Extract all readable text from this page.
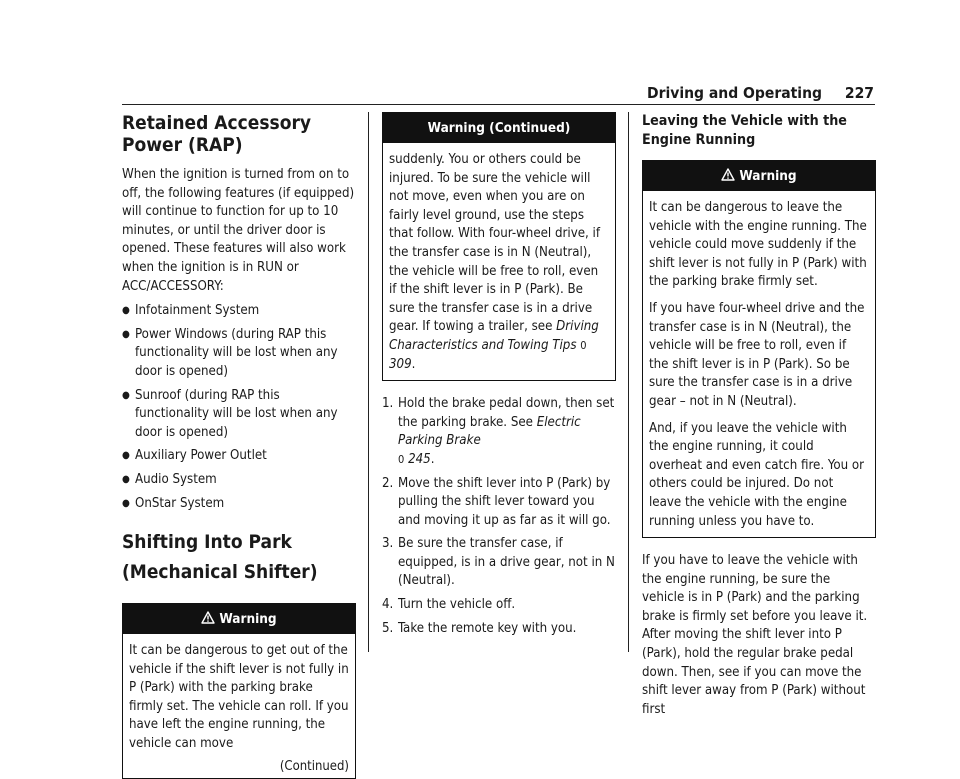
Driving and Operating 227
Retained Accessory Power (RAP)

When the ignition is turned from on to off, the following features (if equipped) will continue to function for up to 10 minutes, or until the driver door is opened. These features will also work when the ignition is in RUN or ACC/ACCESSORY:

● Infotainment System
● Power Windows (during RAP this functionality will be lost when any door is opened)
● Sunroof (during RAP this functionality will be lost when any door is opened)
● Auxiliary Power Outlet
● Audio System
● OnStar System
Shifting Into Park (Mechanical Shifter)
Warning

It can be dangerous to get out of the vehicle if the shift lever is not fully in P (Park) with the parking brake firmly set. The vehicle can roll. If you have left the engine running, the vehicle can move

(Continued)
Warning (Continued)

suddenly. You or others could be injured. To be sure the vehicle will not move, even when you are on fairly level ground, use the steps that follow. With four-wheel drive, if the transfer case is in N (Neutral), the vehicle will be free to roll, even if the shift lever is in P (Park). Be sure the transfer case is in a drive gear. If towing a trailer, see Driving Characteristics and Towing Tips 0 309.

1. Hold the brake pedal down, then set the parking brake. See Electric Parking Brake
0 245.
2. Move the shift lever into P (Park) by pulling the shift lever toward you and moving it up as far as it will go.
3. Be sure the transfer case, if equipped, is in a drive gear, not in N (Neutral).
4. Turn the vehicle off.
5. Take the remote key with you.
Leaving the Vehicle with the Engine Running
Warning

It can be dangerous to leave the vehicle with the engine running. The vehicle could move suddenly if the shift lever is not fully in P (Park) with the parking brake firmly set.

If you have four-wheel drive and the transfer case is in N (Neutral), the vehicle will be free to roll, even if the shift lever is in P (Park). So be sure the transfer case is in a drive gear – not in N (Neutral).

And, if you leave the vehicle with the engine running, it could overheat and even catch fire. You or others could be injured. Do not leave the vehicle with the engine running unless you have to.

If you have to leave the vehicle with the engine running, be sure the vehicle is in P (Park) and the parking brake is firmly set before you leave it. After moving the shift lever into P (Park), hold the regular brake pedal down. Then, see if you can move the shift lever away from P (Park) without first
